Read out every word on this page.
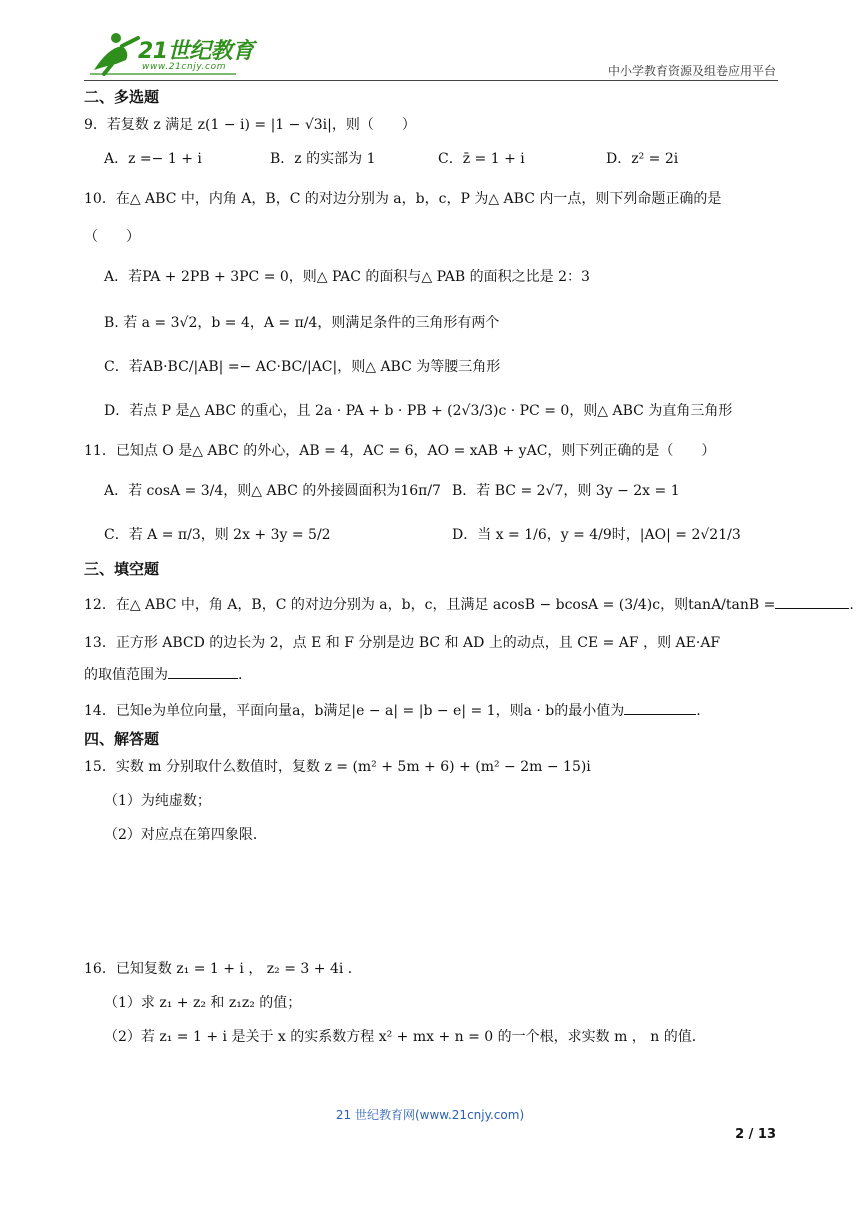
21世纪教育
www.21cnjy.com	中小学教育资源及组卷应用平台
二、多选题
9．若复数 z 满足 z(1 − i) = |1 − √3i|，则（　　）
A．z =− 1 + i	B．z 的实部为 1	C．z̄ = 1 + i	D．z² = 2i
10．在△ ABC 中，内角 A，B，C 的对边分别为 a，b，c，P 为△ ABC 内一点，则下列命题正确的是
（　　）
A．若PA + 2PB + 3PC = 0，则△ PAC 的面积与△ PAB 的面积之比是 2：3
B. 若 a = 3√2，b = 4，A = π/4，则满足条件的三角形有两个
C．若AB·BC/|AB| =− AC·BC/|AC|，则△ ABC 为等腰三角形
D．若点 P 是△ ABC 的重心，且 2a · PA + b · PB + (2√3/3)c · PC = 0，则△ ABC 为直角三角形
11．已知点 O 是△ ABC 的外心，AB = 4，AC = 6，AO = xAB + yAC，则下列正确的是（　　）
A．若 cosA = 3/4，则△ ABC 的外接圆面积为16π/7 B．若 BC = 2√7，则 3y − 2x = 1
C．若 A = π/3，则 2x + 3y = 5/2	D．当 x = 1/6，y = 4/9时，|AO| = 2√21/3
三、填空题
12．在△ ABC 中，角 A，B，C 的对边分别为 a，b，c，且满足 acosB − bcosA = (3/4)c，则tanA/tanB =	.
13．正方形 ABCD 的边长为 2，点 E 和 F 分别是边 BC 和 AD 上的动点，且 CE = AF ，则 AE·AF
的取值范围为	.
14．已知e为单位向量，平面向量a，b满足|e − a| = |b − e| = 1，则a · b的最小值为	.
四、解答题
15．实数 m 分别取什么数值时，复数 z = (m² + 5m + 6) + (m² − 2m − 15)i
（1）为纯虚数；
（2）对应点在第四象限．
16．已知复数 z₁ = 1 + i ， z₂ = 3 + 4i ．
（1）求 z₁ + z₂ 和 z₁z₂ 的值；
（2）若 z₁ = 1 + i 是关于 x 的实系数方程 x² + mx + n = 0 的一个根，求实数 m ， n 的值．
21 世纪教育网(www.21cnjy.com)
2 / 13
